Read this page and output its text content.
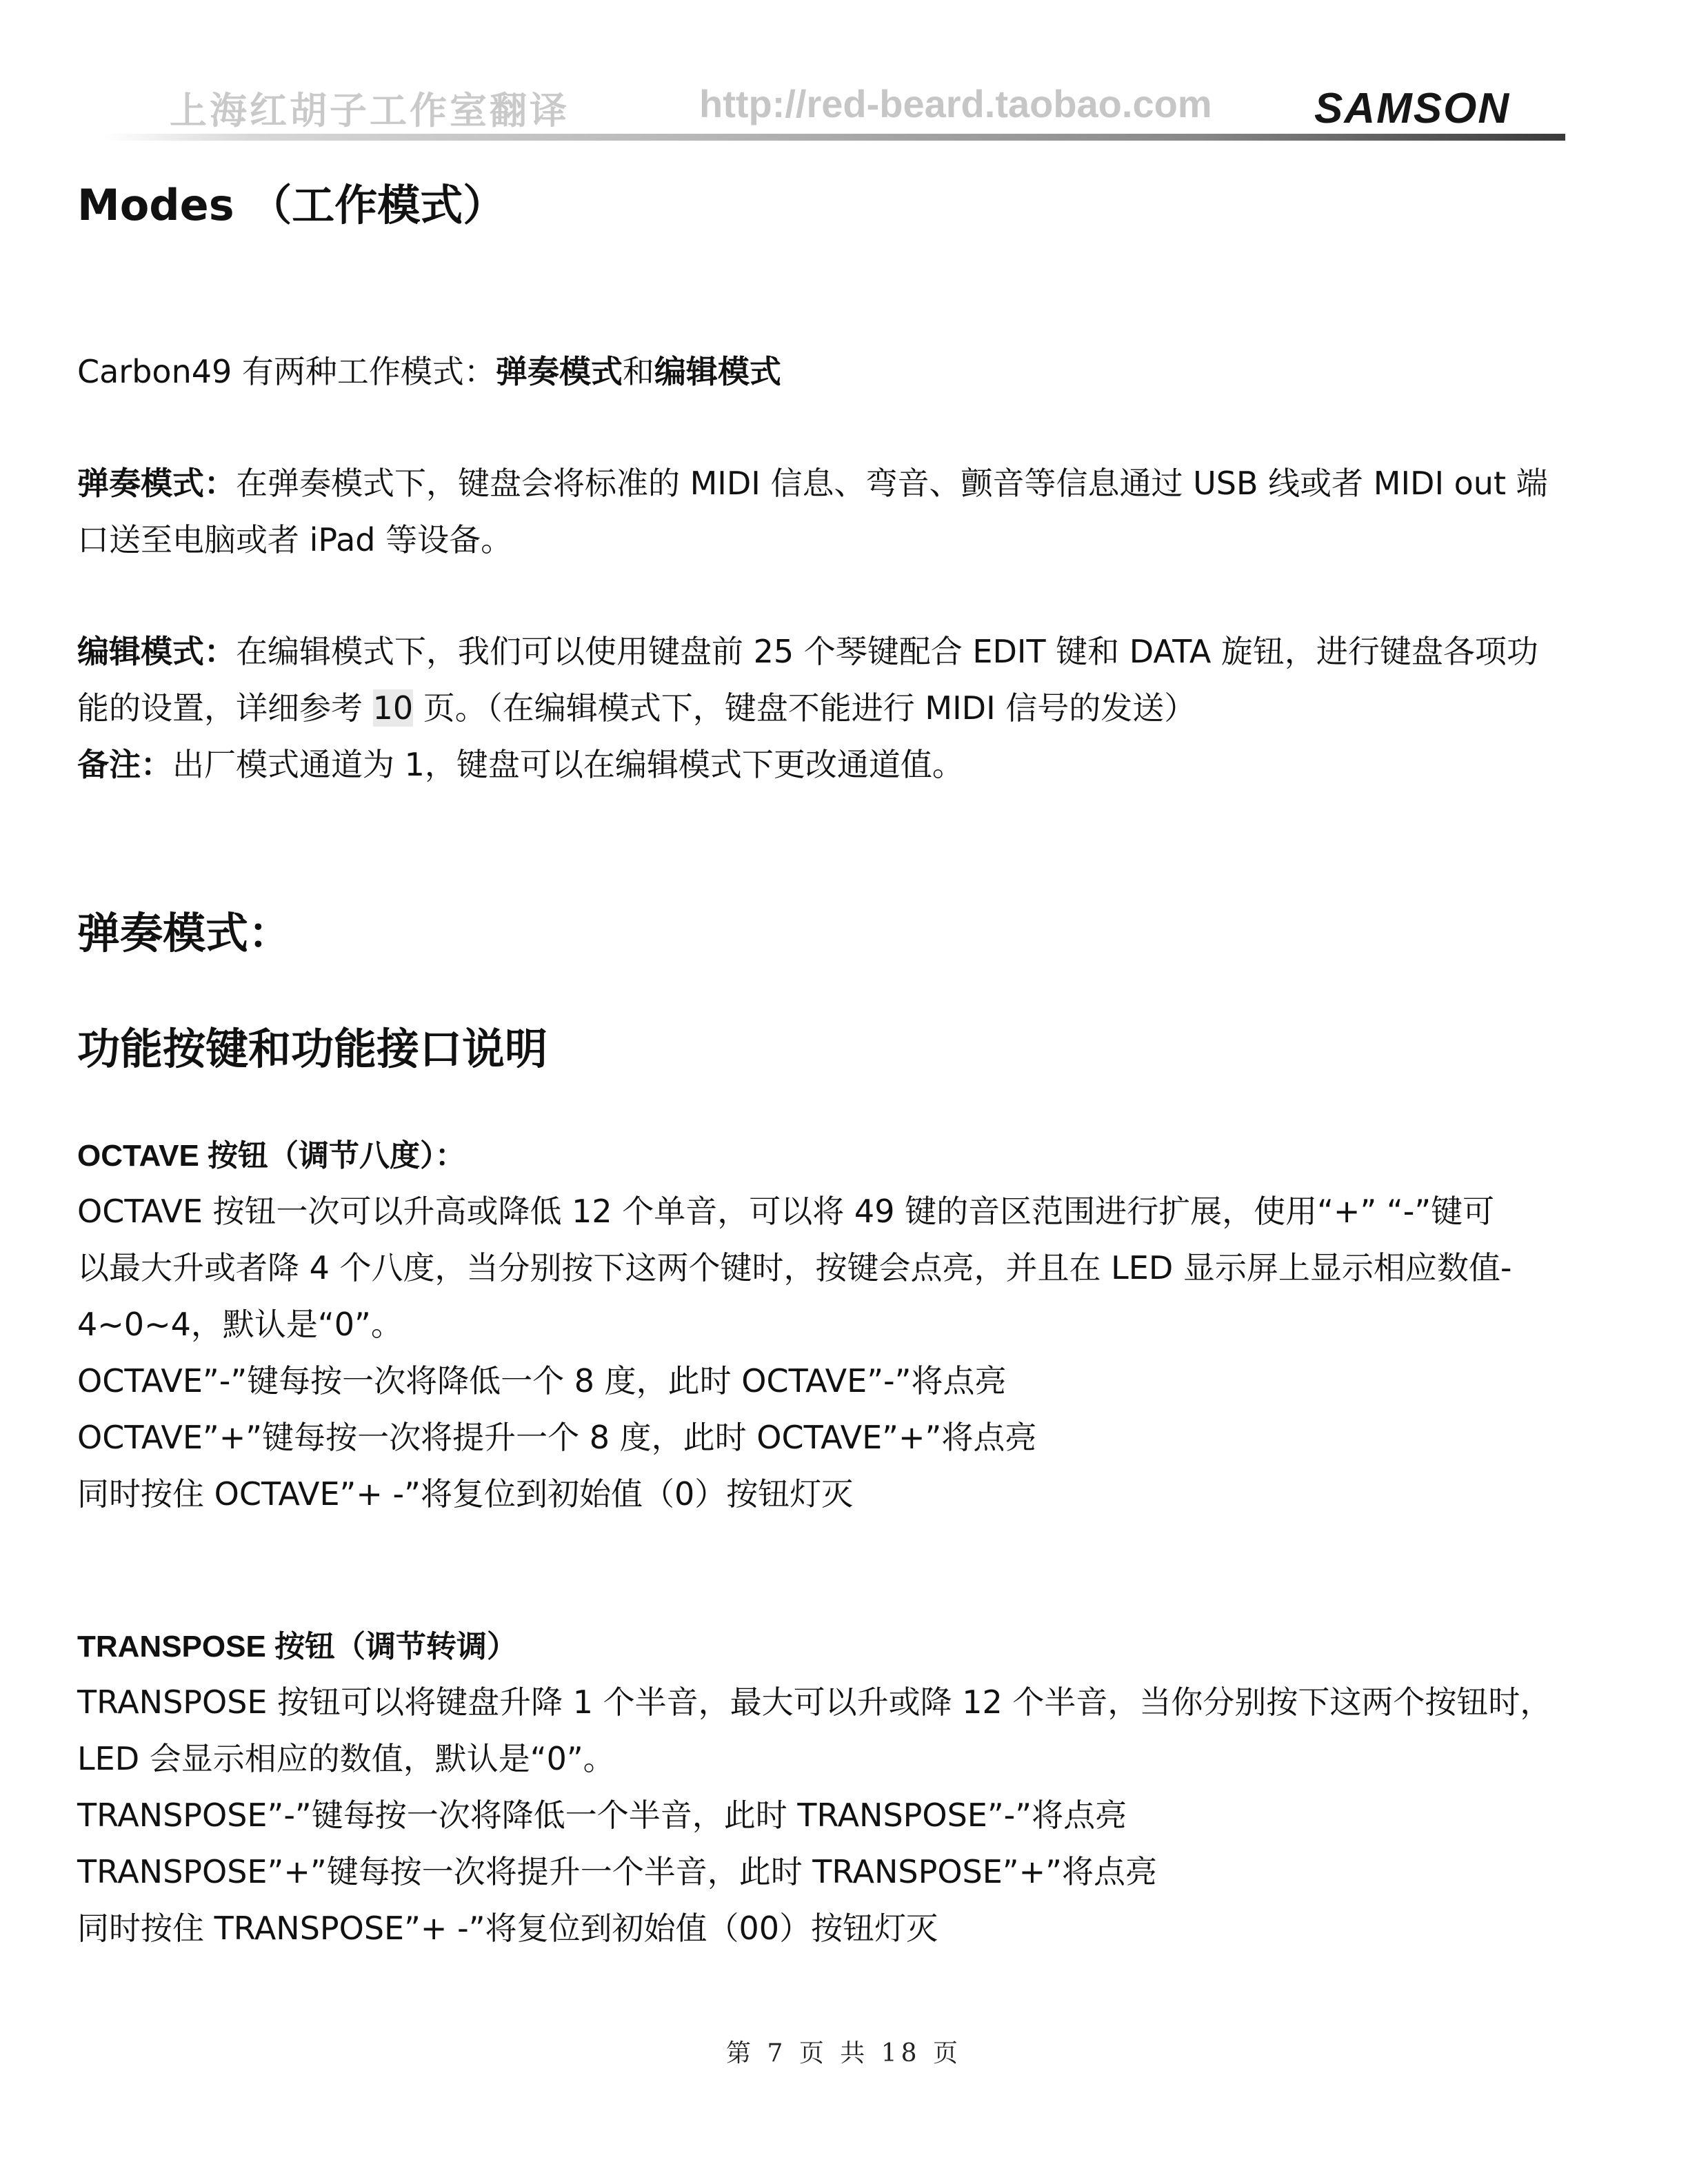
上海红胡子工作室翻译	http://red-beard.taobao.com SAMSON
Modes （工作模式）
Carbon49 有两种工作模式：弹奏模式和编辑模式
弹奏模式：在弹奏模式下，键盘会将标准的 MIDI 信息、弯音、颤音等信息通过 USB 线或者 MIDI out 端
口送至电脑或者 iPad 等设备。
编辑模式：在编辑模式下，我们可以使用键盘前 25 个琴键配合 EDIT 键和 DATA 旋钮，进行键盘各项功
能的设置，详细参考 10 页。（在编辑模式下，键盘不能进行 MIDI 信号的发送）
备注：出厂模式通道为 1，键盘可以在编辑模式下更改通道值。
弹奏模式：
功能按键和功能接口说明
OCTAVE 按钮（调节八度）：
OCTAVE 按钮一次可以升高或降低 12 个单音，可以将 49 键的音区范围进行扩展，使用“+” “-”键可
以最大升或者降 4 个八度，当分别按下这两个键时，按键会点亮，并且在 LED 显示屏上显示相应数值-
4~0~4，默认是“0”。
OCTAVE”-”键每按一次将降低一个 8 度，此时 OCTAVE”-”将点亮
OCTAVE”+”键每按一次将提升一个 8 度，此时 OCTAVE”+”将点亮
同时按住 OCTAVE”+ -”将复位到初始值（0）按钮灯灭
TRANSPOSE 按钮（调节转调）
TRANSPOSE 按钮可以将键盘升降 1 个半音，最大可以升或降 12 个半音，当你分别按下这两个按钮时，
LED 会显示相应的数值，默认是“0”。
TRANSPOSE”-”键每按一次将降低一个半音，此时 TRANSPOSE”-”将点亮
TRANSPOSE”+”键每按一次将提升一个半音，此时 TRANSPOSE”+”将点亮
同时按住 TRANSPOSE”+ -”将复位到初始值（00）按钮灯灭
第 7 页 共 18 页
